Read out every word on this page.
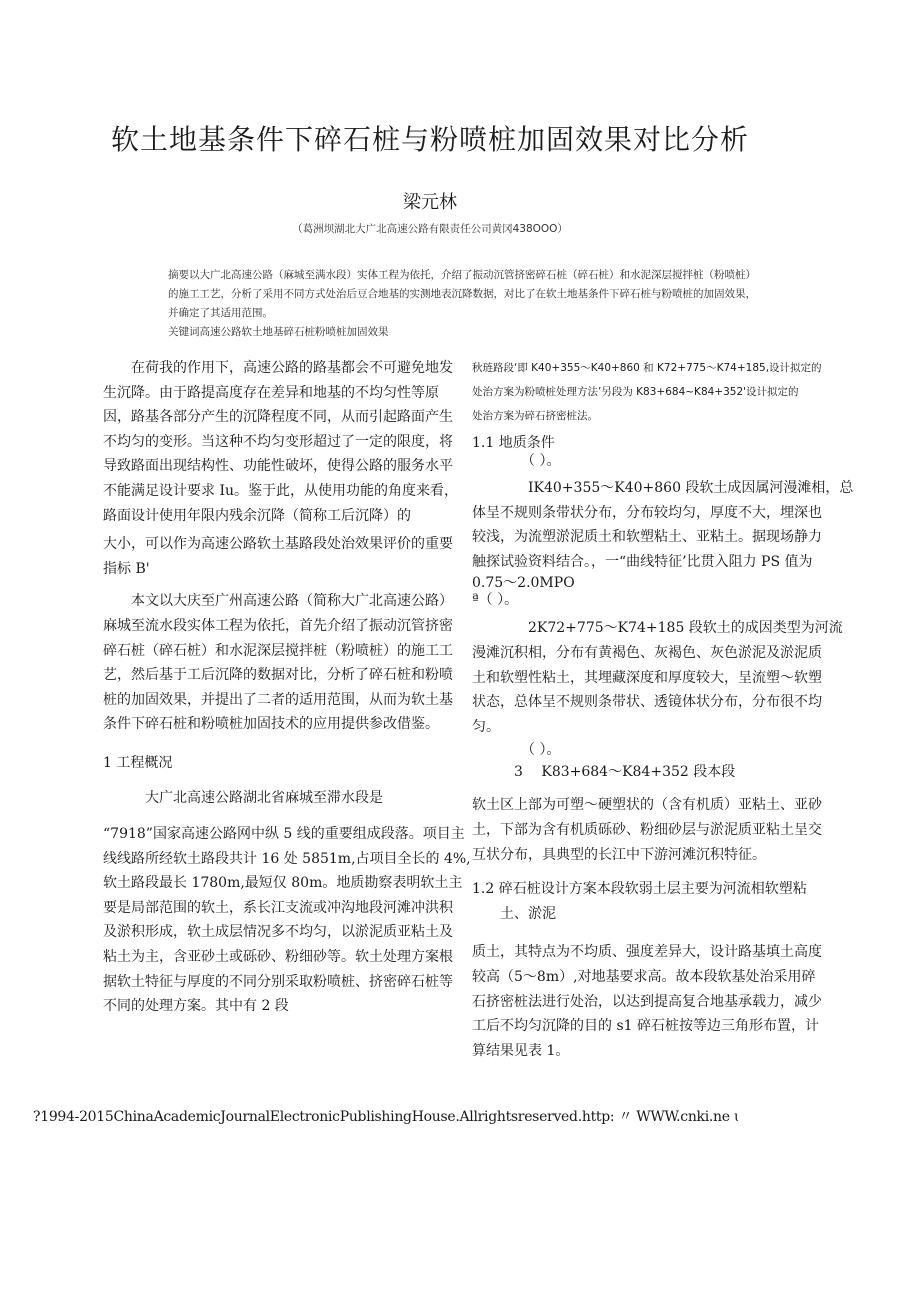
软土地基条件下碎石桩与粉喷桩加固效果对比分析
梁元林
（葛洲坝湖北大广北高速公路有限责任公司黄冈438OOO）
摘要以大广北高速公路（麻城至满水段）实体工程为依托，介绍了振动沉管挤密碎石桩（碎石桩）和水泥深层搅拌桩（粉喷桩）
的施工工艺，分析了采用不同方式处治后豆合地基的实测地表沉降数据，对比了在软土地基条件下碎石桩与粉喷桩的加固效果，
并确定了其适用范围。
关键词高速公路软土地基碎石桩粉喷桩加固效果
　　在荷我的作用下，高速公路的路基都会不可避免地发
生沉降。由于路提高度存在差异和地基的不均匀性等原
因，路基各部分产生的沉降程度不同，从而引起路面产生
不均匀的变形。当这种不均匀变形超过了一定的限度，将
导致路面出现结构性、功能性破坏，使得公路的服务水平
不能满足设计要求 Iu。鉴于此，从使用功能的角度来看，
路面设计使用年限内残余沉降（简称工后沉降）的
大小，可以作为高速公路软土基路段处治效果评价的重要
指标 B'
　　本文以大庆至广州高速公路（简称大广北高速公路）
麻城至流水段实体工程为依托，首先介绍了振动沉管挤密
碎石桩（碎石桩）和水泥深层搅拌桩（粉喷桩）的施工工
艺，然后基于工后沉降的数据对比，分析了碎石桩和粉喷
桩的加固效果，并提出了二者的适用范围，从而为软土基
条件下碎石桩和粉喷桩加固技术的应用提供参改借鉴。
1 工程概况
　　　大广北高速公路湖北省麻城至滞水段是
“7918”国家高速公路网中纵 5 线的重要组成段落。项目主
线线路所经软土路段共计 16 处 5851m,占项目全长的 4%,
软土路段最长 1780m,最短仅 80m。地质勘察表明软土主
要是局部范围的软土，系长江支流或冲沟地段河滩冲洪积
及淤积形成，软土成层情况多不均匀，以淤泥质亚粘土及
粘土为主，含亚砂土或砾砂、粉细砂等。软土处理方案根
据软土特征与厚度的不同分别采取粉喷桩、挤密碎石桩等
不同的处理方案。其中有 2 段
秋琏路段‘即 K40+355～K40+860 和 K72+775～K74+185,设计拟定的
处治方案为粉喷桩处理方法’另段为 K83+684~K84+352'设计拟定的
处治方案为碎石挤密桩法。
1.1 地质条件
　　　　（ ）。
　　　　IK40+355～K40+860 段软土成因属河漫滩相，总
体呈不规则条带状分布，分布较均匀，厚度不大，埋深也
较浅，为流塑淤泥质土和软塑粘土、亚粘土。据现场静力
触探试验资料结合。，一“曲线特征’比贯入阻力 PS 值为
0.75～2.0MPO
ª（ ）。
　　　　2K72+775～K74+185 段软土的成因类型为河流
漫滩沉积相，分布有黄褐色、灰褐色、灰色淤泥及淤泥质
土和软塑性粘土，其埋藏深度和厚度较大，呈流塑～软塑
状态，总体呈不规则条带状、透镜体状分布，分布很不均
匀。
　　　　（ ）。
　　　3　 K83+684～K84+352 段本段
软土区上部为可塑～硬塑状的（含有机质）亚粘土、亚砂
土，下部为含有机质砾砂、粉细砂层与淤泥质亚粘土呈交
互状分布，具典型的长江中下游河滩沉积特征。
1.2 碎石桩设计方案本段软弱土层主要为河流相软塑粘
　　土、淤泥
质土，其特点为不均质、强度差异大，设计路基填土高度
较高（5～8m）,对地基要求高。故本段软基处治采用碎
石挤密桩法进行处治，以达到提高复合地基承载力，减少
工后不均匀沉降的目的 s1 碎石桩按等边三角形布置，计
算结果见表 1。
?1994-2015ChinaAcademicJournalElectronicPublishingHouse.Allrightsreserved.http: 〃 WWW.cnki.ne ɩ
